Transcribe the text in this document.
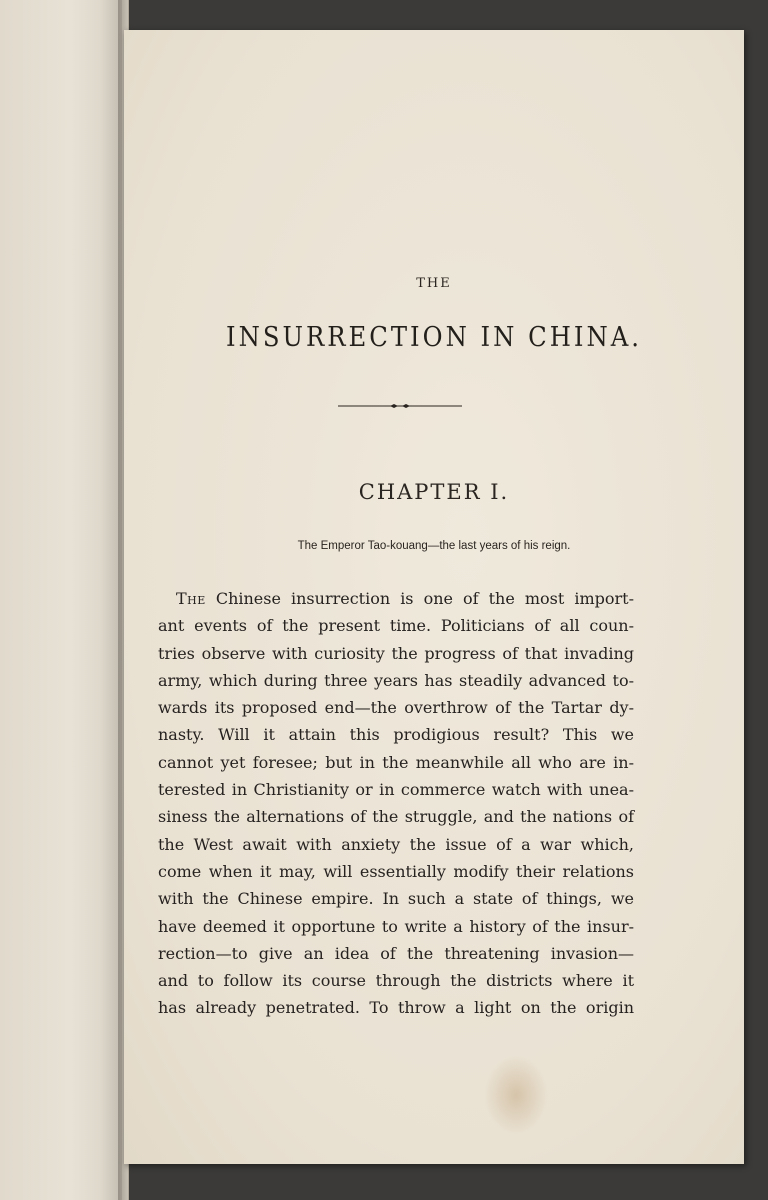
THE
INSURRECTION IN CHINA.
CHAPTER I.
The Emperor Tao-kouang—the last years of his reign.
The Chinese insurrection is one of the most import-
ant events of the present time. Politicians of all coun-
tries observe with curiosity the progress of that invading
army, which during three years has steadily advanced to-
wards its proposed end—the overthrow of the Tartar dy-
nasty. Will it attain this prodigious result? This we
cannot yet foresee; but in the meanwhile all who are in-
terested in Christianity or in commerce watch with unea-
siness the alternations of the struggle, and the nations of
the West await with anxiety the issue of a war which,
come when it may, will essentially modify their relations
with the Chinese empire. In such a state of things, we
have deemed it opportune to write a history of the insur-
rection—to give an idea of the threatening invasion—
and to follow its course through the districts where it
has already penetrated. To throw a light on the origin
